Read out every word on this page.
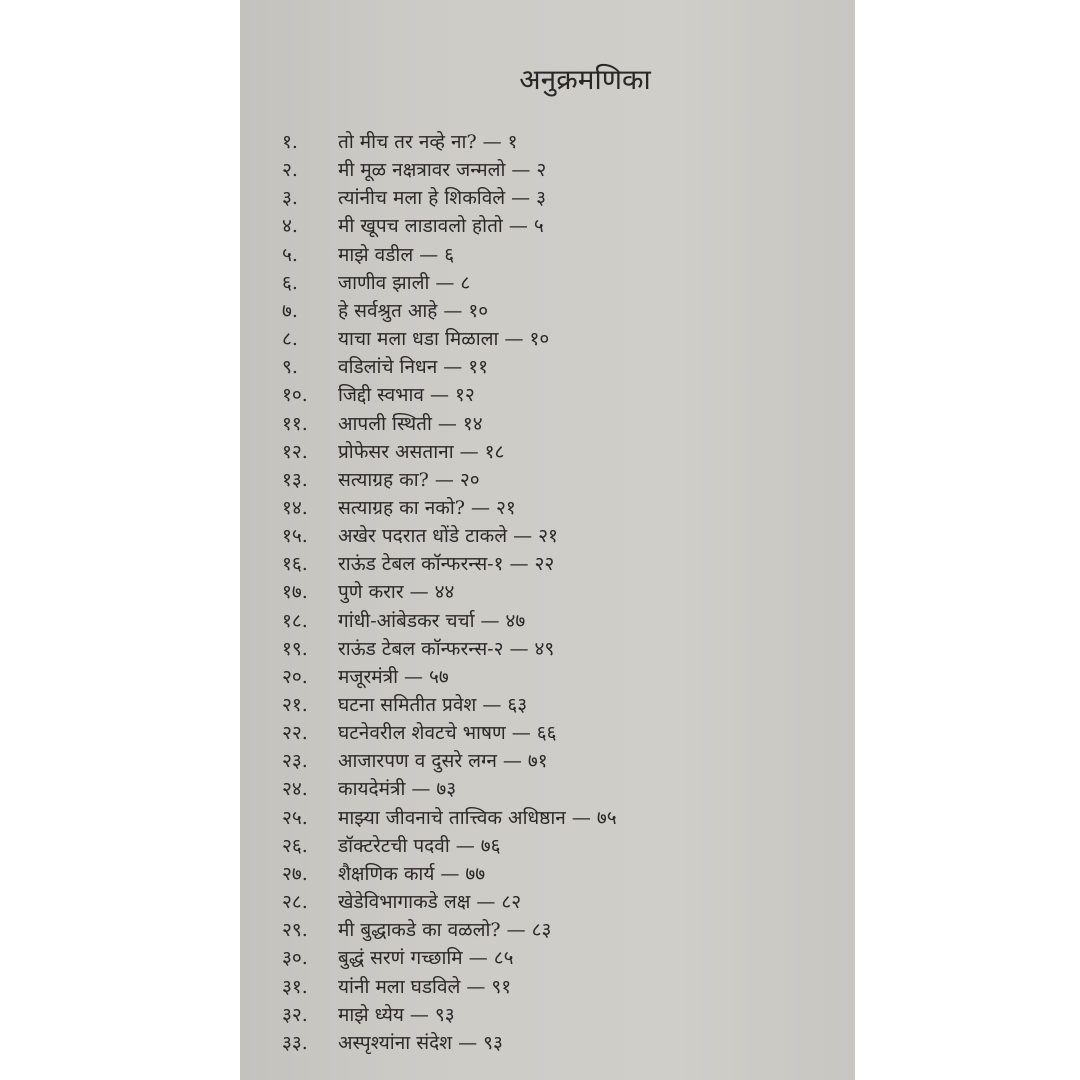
अनुक्रमणिका
१. तो मीच तर नव्हे ना? — १
२. मी मूळ नक्षत्रावर जन्मलो — २
३. त्यांनीच मला हे शिकविले — ३
४. मी खूपच लाडावलो होतो — ५
५. माझे वडील — ६
६. जाणीव झाली — ८
७. हे सर्वश्रुत आहे — १०
८. याचा मला धडा मिळाला — १०
९. वडिलांचे निधन — ११
१०. जिद्दी स्वभाव — १२
११. आपली स्थिती — १४
१२. प्रोफेसर असताना — १८
१३. सत्याग्रह का? — २०
१४. सत्याग्रह का नको? — २१
१५. अखेर पदरात धोंडे टाकले — २१
१६. राऊंड टेबल कॉन्फरन्स-१ — २२
१७. पुणे करार — ४४
१८. गांधी-आंबेडकर चर्चा — ४७
१९. राऊंड टेबल कॉन्फरन्स-२ — ४९
२०. मजूरमंत्री — ५७
२१. घटना समितीत प्रवेश — ६३
२२. घटनेवरील शेवटचे भाषण — ६६
२३. आजारपण व दुसरे लग्न — ७१
२४. कायदेमंत्री — ७३
२५. माझ्या जीवनाचे तात्त्विक अधिष्ठान — ७५
२६. डॉक्टरेटची पदवी — ७६
२७. शैक्षणिक कार्य — ७७
२८. खेडेविभागाकडे लक्ष — ८२
२९. मी बुद्धाकडे का वळलो? — ८३
३०. बुद्धं सरणं गच्छामि — ८५
३१. यांनी मला घडविले — ९१
३२. माझे ध्येय — ९३
३३. अस्पृश्यांना संदेश — ९३
